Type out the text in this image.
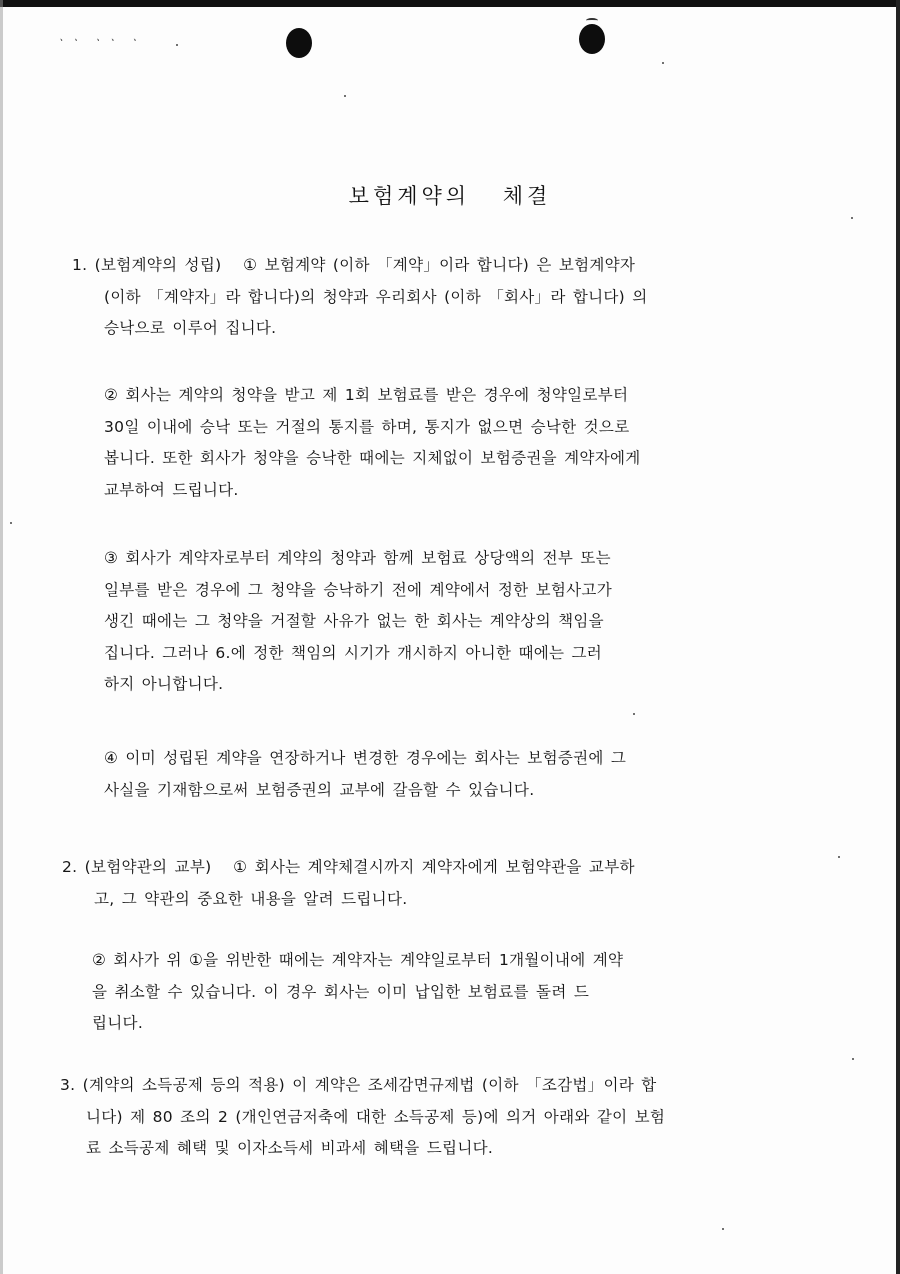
ㆍㆍ ㆍㆍ ㆍ
보험계약의 체결
1. (보험계약의 성립) ① 보험계약 (이하 「계약」이라 합니다) 은 보험계약자
(이하 「계약자」라 합니다)의 청약과 우리회사 (이하 「회사」라 합니다) 의
승낙으로 이루어 집니다.
② 회사는 계약의 청약을 받고 제 1회 보험료를 받은 경우에 청약일로부터
30일 이내에 승낙 또는 거절의 통지를 하며, 통지가 없으면 승낙한 것으로
봅니다. 또한 회사가 청약을 승낙한 때에는 지체없이 보험증권을 계약자에게
교부하여 드립니다.
③ 회사가 계약자로부터 계약의 청약과 함께 보험료 상당액의 전부 또는
일부를 받은 경우에 그 청약을 승낙하기 전에 계약에서 정한 보험사고가
생긴 때에는 그 청약을 거절할 사유가 없는 한 회사는 계약상의 책임을
집니다. 그러나 6.에 정한 책임의 시기가 개시하지 아니한 때에는 그러
하지 아니합니다.
④ 이미 성립된 계약을 연장하거나 변경한 경우에는 회사는 보험증권에 그
사실을 기재함으로써 보험증권의 교부에 갈음할 수 있습니다.
2. (보험약관의 교부) ① 회사는 계약체결시까지 계약자에게 보험약관을 교부하
고, 그 약관의 중요한 내용을 알려 드립니다.
② 회사가 위 ①을 위반한 때에는 계약자는 계약일로부터 1개월이내에 계약
을 취소할 수 있습니다. 이 경우 회사는 이미 납입한 보험료를 돌려 드
립니다.
3. (계약의 소득공제 등의 적용) 이 계약은 조세감면규제법 (이하 「조감법」이라 합
니다) 제 80 조의 2 (개인연금저축에 대한 소득공제 등)에 의거 아래와 같이 보험
료 소득공제 혜택 및 이자소득세 비과세 혜택을 드립니다.
